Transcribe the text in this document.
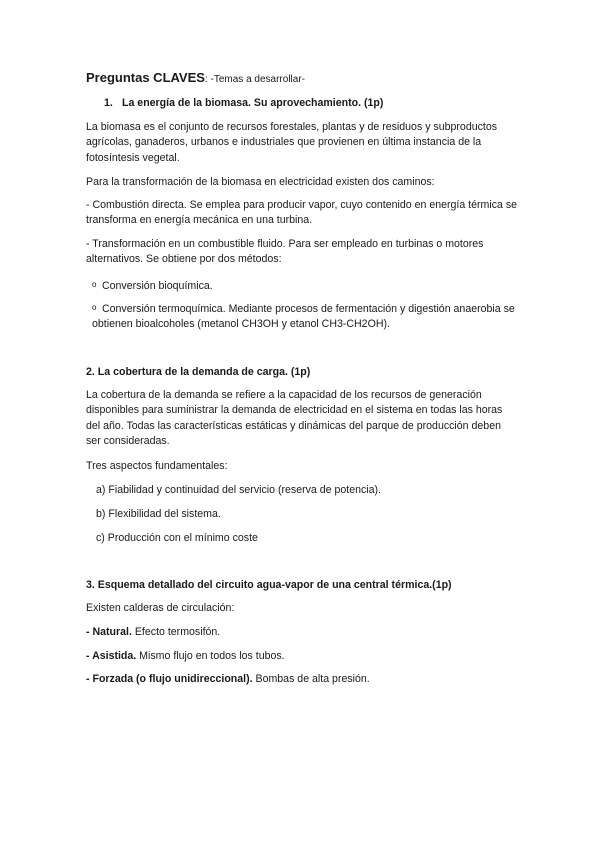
Preguntas CLAVES: -Temas a desarrollar-

1. La energía de la biomasa. Su aprovechamiento. (1p)

La biomasa es el conjunto de recursos forestales, plantas y de residuos y subproductos agrícolas, ganaderos, urbanos e industriales que provienen en última instancia de la fotosíntesis vegetal.

Para la transformación de la biomasa en electricidad existen dos caminos:

- Combustión directa. Se emplea para producir vapor, cuyo contenido en energía térmica se transforma en energía mecánica en una turbina.

- Transformación en un combustible fluido. Para ser empleado en turbinas o motores alternativos. Se obtiene por dos métodos:

o Conversión bioquímica.

o Conversión termoquímica. Mediante procesos de fermentación y digestión anaerobia se obtienen bioalcoholes (metanol CH3OH y etanol CH3-CH2OH).

2. La cobertura de la demanda de carga. (1p)

La cobertura de la demanda se refiere a la capacidad de los recursos de generación disponibles para suministrar la demanda de electricidad en el sistema en todas las horas del año. Todas las características estáticas y dinámicas del parque de producción deben ser consideradas.

Tres aspectos fundamentales:

a) Fiabilidad y continuidad del servicio (reserva de potencia).

b) Flexibilidad del sistema.

c) Producción con el mínimo coste

3. Esquema detallado del circuito agua-vapor de una central térmica.(1p)

Existen calderas de circulación:

- Natural. Efecto termosifón.

- Asistida. Mismo flujo en todos los tubos.

- Forzada (o flujo unidireccional). Bombas de alta presión.
